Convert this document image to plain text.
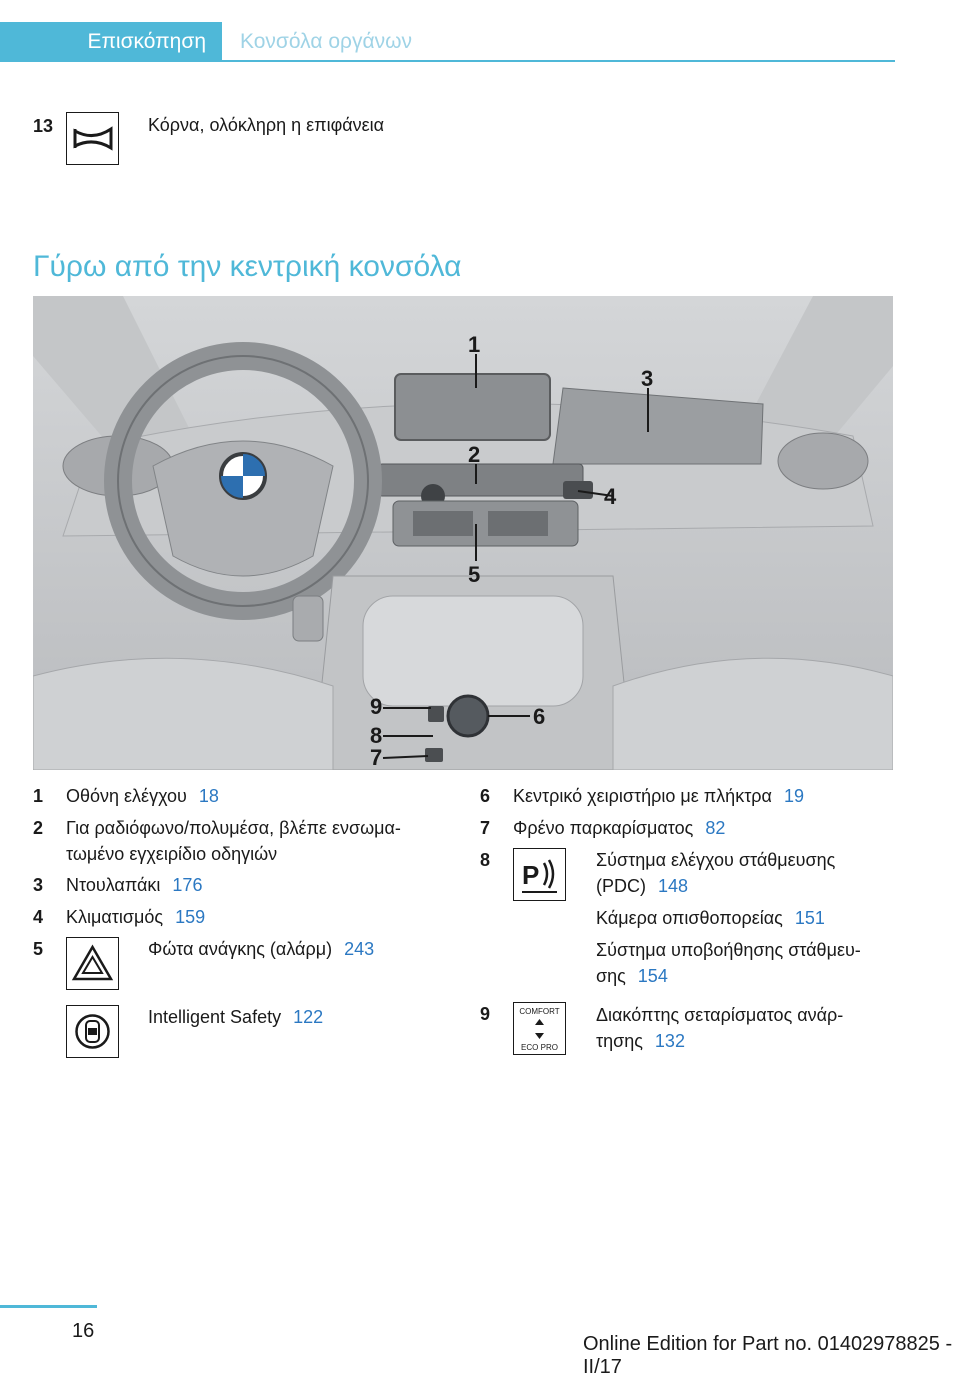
Επισκόπηση	Κονσόλα οργάνων
13	Κόρνα, ολόκληρη η επιφάνεια
Γύρω από την κεντρική κονσόλα
1
2
3
4
5
6
7
8
9
1 Οθόνη ελέγχου 18
2 Για ραδιόφωνο/πολυμέσα, βλέπε ενσωμα-
τωμένο εγχειρίδιο οδηγιών
3 Ντουλαπάκι 176
4 Κλιματισμός 159
5	Φώτα ανάγκης (αλάρμ) 243
Intelligent Safety 122
6 Κεντρικό χειριστήριο με πλήκτρα 19
7 Φρένο παρκαρίσματος 82
8 P	Σύστημα ελέγχου στάθμευσης
(PDC) 148
Κάμερα οπισθοπορείας 151
Σύστημα υποβοήθησης στάθμευ-
σης 154
9	COMFORT
ECO PRO
Διακόπτης σεταρίσματος ανάρ-
τησης 132
16
Online Edition for Part no. 01402978825 - II/17
